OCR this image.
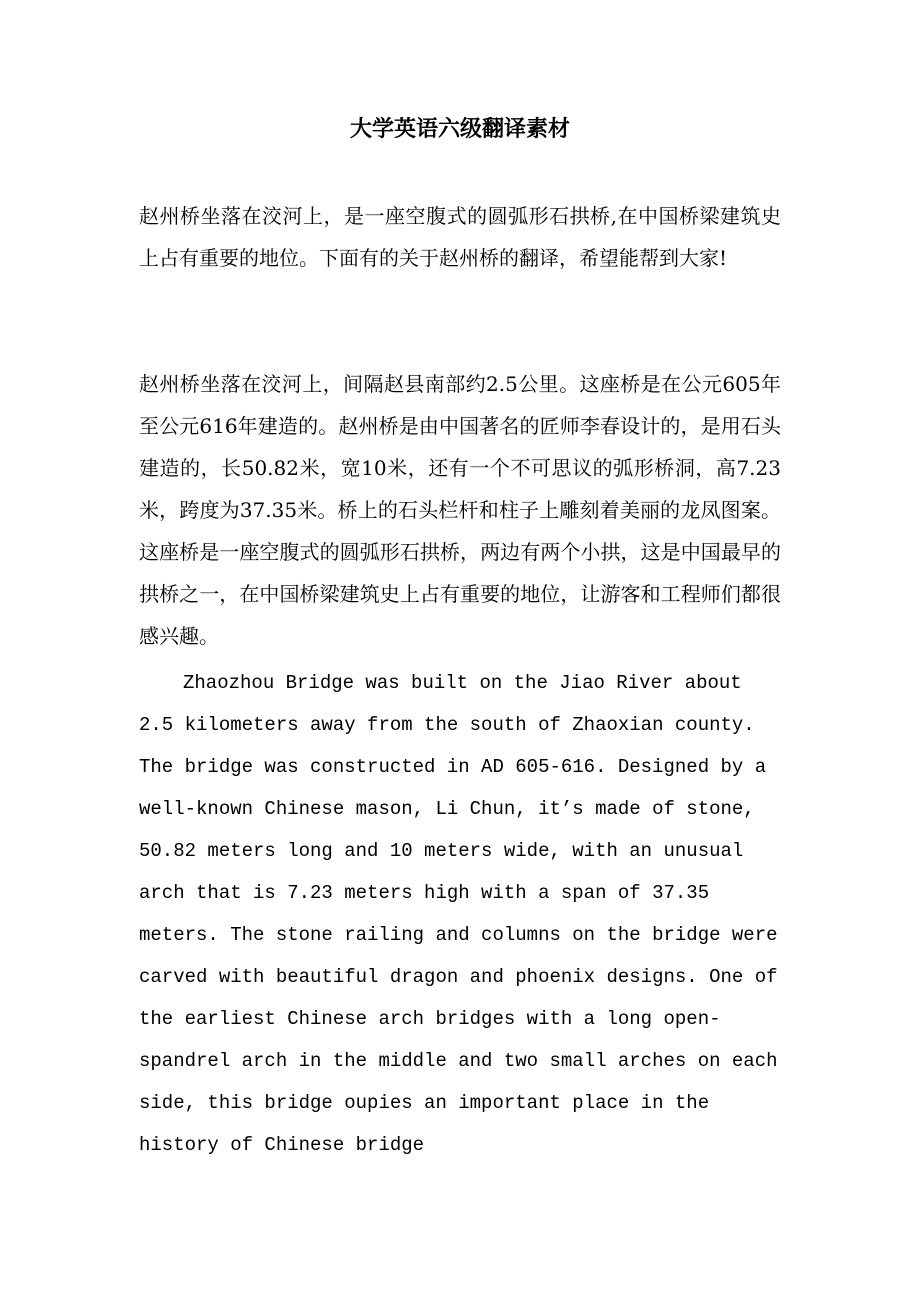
大学英语六级翻译素材

赵州桥坐落在洨河上，是一座空腹式的圆弧形石拱桥,在中国桥梁建筑史上占有重要的地位。下面有的关于赵州桥的翻译，希望能帮到大家!

赵州桥坐落在洨河上，间隔赵县南部约2.5公里。这座桥是在公元605年至公元616年建造的。赵州桥是由中国著名的匠师李春设计的，是用石头建造的，长50.82米，宽10米，还有一个不可思议的弧形桥洞，高7.23米，跨度为37.35米。桥上的石头栏杆和柱子上雕刻着美丽的龙凤图案。这座桥是一座空腹式的圆弧形石拱桥，两边有两个小拱，这是中国最早的拱桥之一，在中国桥梁建筑史上占有重要的地位，让游客和工程师们都很感兴趣。

Zhaozhou Bridge was built on the Jiao River about 2.5 kilometers away from the south of Zhaoxian county. The bridge was constructed in AD 605-616. Designed by a well-known Chinese mason, Li Chun, it’s made of stone, 50.82 meters long and 10 meters wide, with an unusual arch that is 7.23 meters high with a span of 37.35 meters. The stone railing and columns on the bridge were carved with beautiful dragon and phoenix designs. One of the earliest Chinese arch bridges with a long open-spandrel arch in the middle and two small arches on each side, this bridge oupies an important place in the history of Chinese bridge
